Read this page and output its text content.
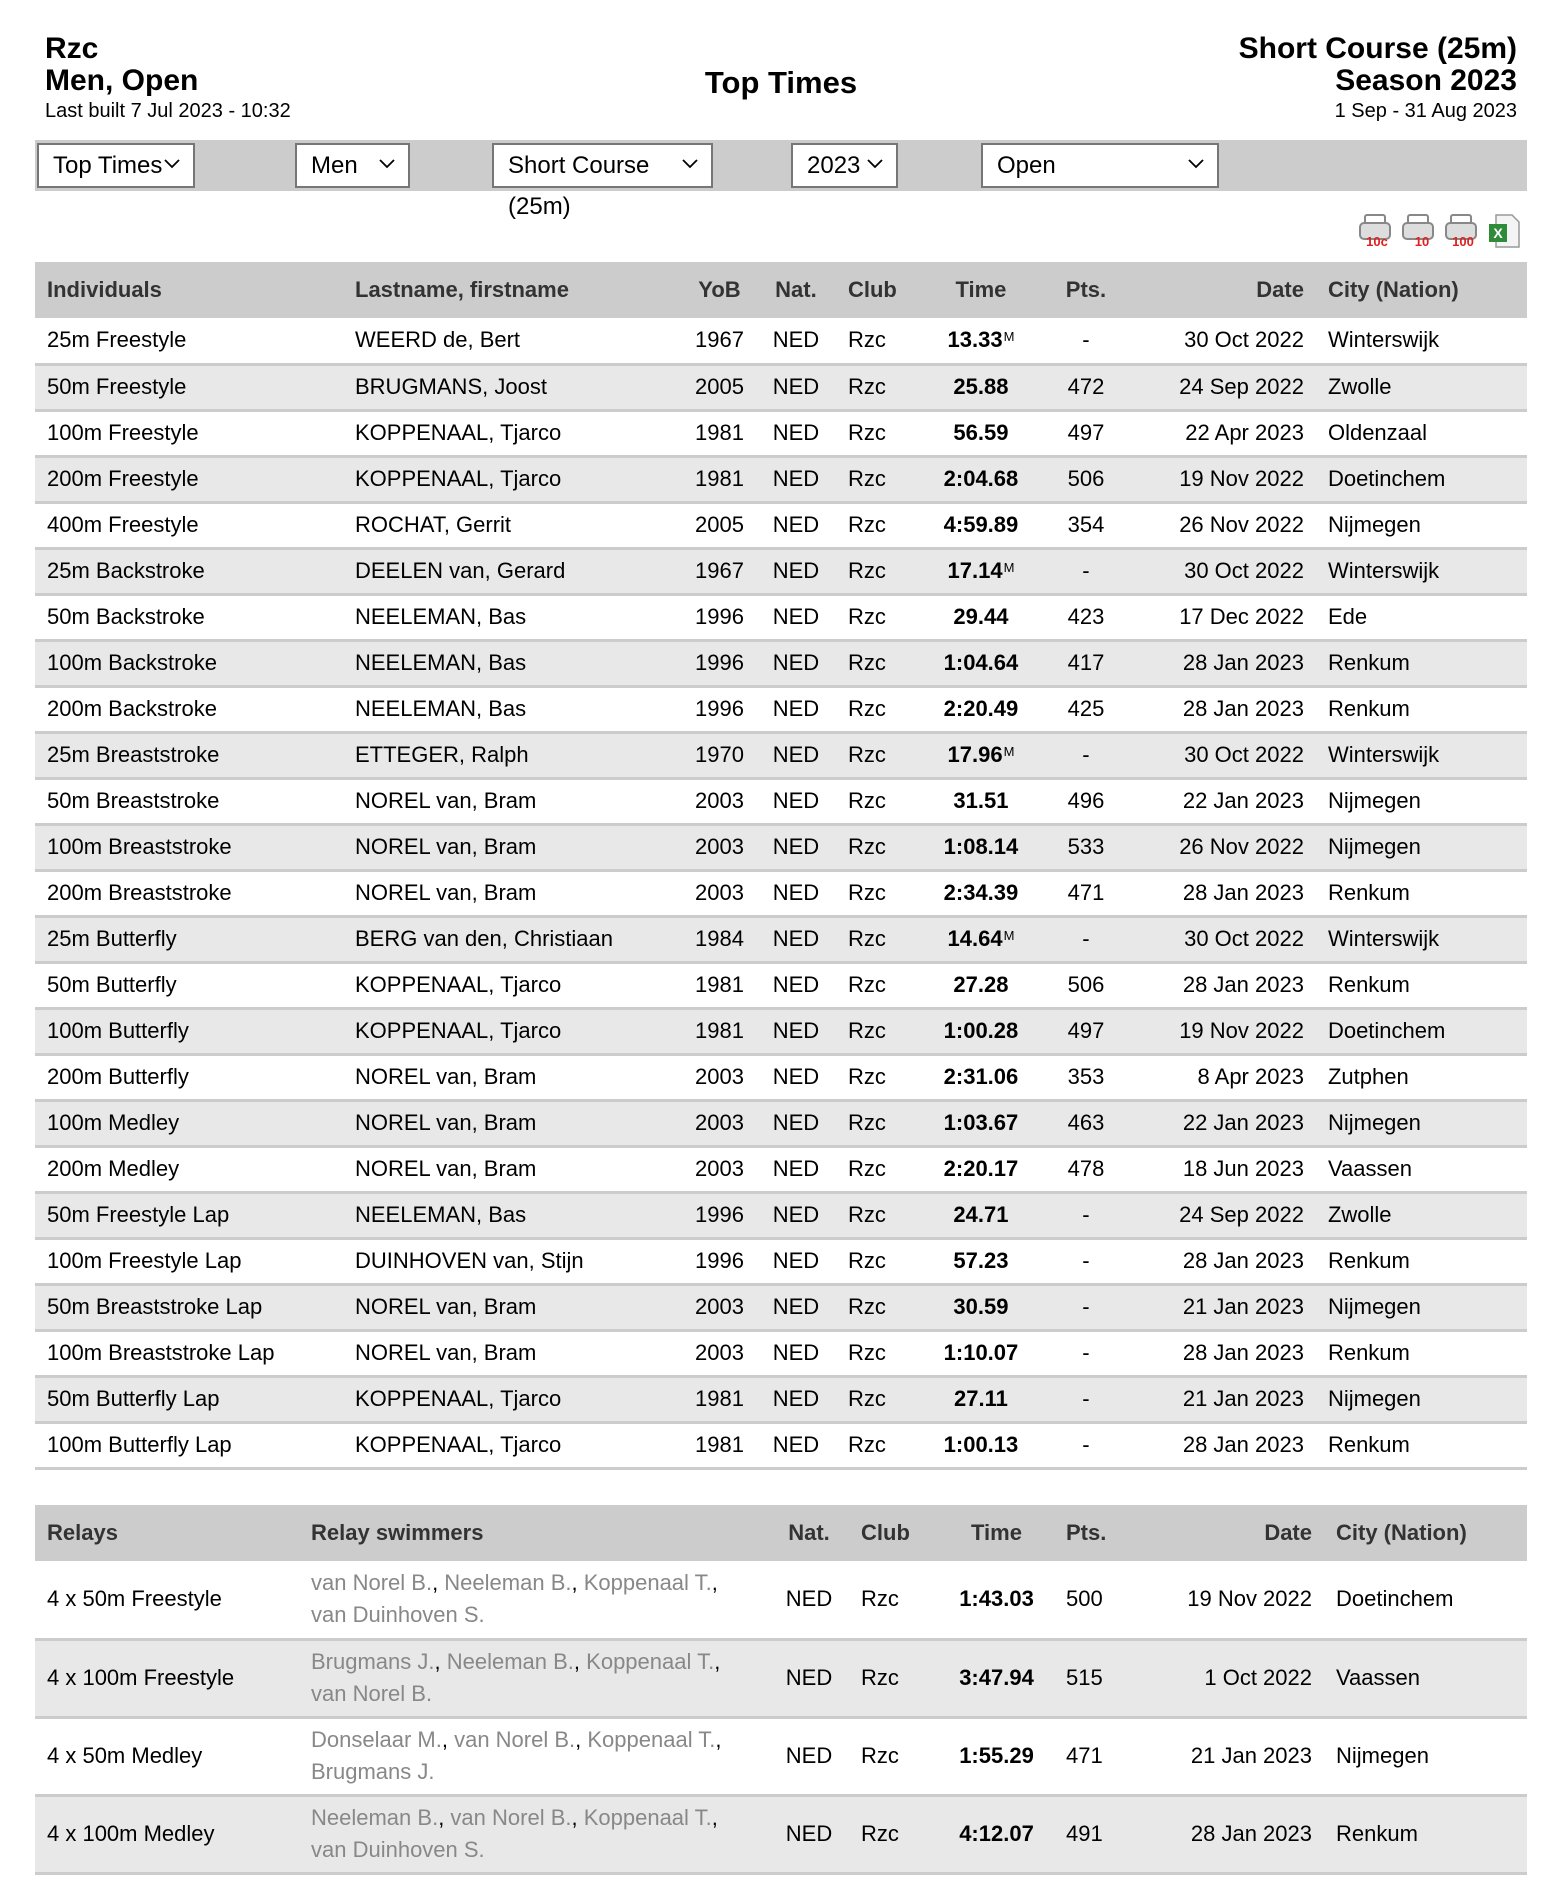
Rzc
Men, Open
Last built 7 Jul 2023 - 10:32
Top Times
Short Course (25m)
Season 2023
1 Sep - 31 Aug 2023
Top Times	Men	Short Course (25m)
2023	Open
10c 10 100
X
Individuals	Lastname, firstname	YoB	Nat.	Club	Time	Pts.	Date	City (Nation)
25m Freestyle	WEERD de, Bert	1967	NED	Rzc	$13.33^M$	-	30 Oct 2022	Winterswijk
50m Freestyle	BRUGMANS, Joost	2005	NED	Rzc	25.88	472	24 Sep 2022	Zwolle
100m Freestyle	KOPPENAAL, Tjarco	1981	NED	Rzc	56.59	497	22 Apr 2023	Oldenzaal
200m Freestyle	KOPPENAAL, Tjarco	1981	NED	Rzc	2:04.68	506	19 Nov 2022	Doetinchem
400m Freestyle	ROCHAT, Gerrit	2005	NED	Rzc	4:59.89	354	26 Nov 2022	Nijmegen
25m Backstroke	DEELEN van, Gerard	1967	NED	Rzc	$17.14^M$	-	30 Oct 2022	Winterswijk
50m Backstroke	NEELEMAN, Bas	1996	NED	Rzc	29.44	423	17 Dec 2022	Ede
100m Backstroke	NEELEMAN, Bas	1996	NED	Rzc	1:04.64	417	28 Jan 2023	Renkum
200m Backstroke	NEELEMAN, Bas	1996	NED	Rzc	2:20.49	425	28 Jan 2023	Renkum
25m Breaststroke	ETTEGER, Ralph	1970	NED	Rzc	$17.96^M$	-	30 Oct 2022	Winterswijk
50m Breaststroke	NOREL van, Bram	2003	NED	Rzc	31.51	496	22 Jan 2023	Nijmegen
100m Breaststroke	NOREL van, Bram	2003	NED	Rzc	1:08.14	533	26 Nov 2022	Nijmegen
200m Breaststroke	NOREL van, Bram	2003	NED	Rzc	2:34.39	471	28 Jan 2023	Renkum
25m Butterfly	BERG van den, Christiaan	1984	NED	Rzc	$14.64^M$	-	30 Oct 2022	Winterswijk
50m Butterfly	KOPPENAAL, Tjarco	1981	NED	Rzc	27.28	506	28 Jan 2023	Renkum
100m Butterfly	KOPPENAAL, Tjarco	1981	NED	Rzc	1:00.28	497	19 Nov 2022	Doetinchem
200m Butterfly	NOREL van, Bram	2003	NED	Rzc	2:31.06	353	8 Apr 2023	Zutphen
100m Medley	NOREL van, Bram	2003	NED	Rzc	1:03.67	463	22 Jan 2023	Nijmegen
200m Medley	NOREL van, Bram	2003	NED	Rzc	2:20.17	478	18 Jun 2023	Vaassen
50m Freestyle Lap	NEELEMAN, Bas	1996	NED	Rzc	24.71	-	24 Sep 2022	Zwolle
100m Freestyle Lap	DUINHOVEN van, Stijn	1996	NED	Rzc	57.23	-	28 Jan 2023	Renkum
50m Breaststroke Lap	NOREL van, Bram	2003	NED	Rzc	30.59	-	21 Jan 2023	Nijmegen
100m Breaststroke Lap	NOREL van, Bram	2003	NED	Rzc	1:10.07	-	28 Jan 2023	Renkum
50m Butterfly Lap	KOPPENAAL, Tjarco	1981	NED	Rzc	27.11	-	21 Jan 2023	Nijmegen
100m Butterfly Lap	KOPPENAAL, Tjarco	1981	NED	Rzc	1:00.13	-	28 Jan 2023	Renkum
Relays	Relay swimmers	Nat.	Club	Time	Pts.	Date	City (Nation)
4 x 50m Freestyle	van Norel B., Neeleman B., Koppenaal T., van Duinhoven S.	NED	Rzc	1:43.03	500	19 Nov 2022	Doetinchem
4 x 100m Freestyle	Brugmans J., Neeleman B., Koppenaal T., van Norel B.	NED	Rzc	3:47.94	515	1 Oct 2022	Vaassen
4 x 50m Medley	Donselaar M., van Norel B., Koppenaal T., Brugmans J.	NED	Rzc	1:55.29	471	21 Jan 2023	Nijmegen
4 x 100m Medley	Neeleman B., van Norel B., Koppenaal T., van Duinhoven S.	NED	Rzc	4:12.07	491	28 Jan 2023	Renkum
